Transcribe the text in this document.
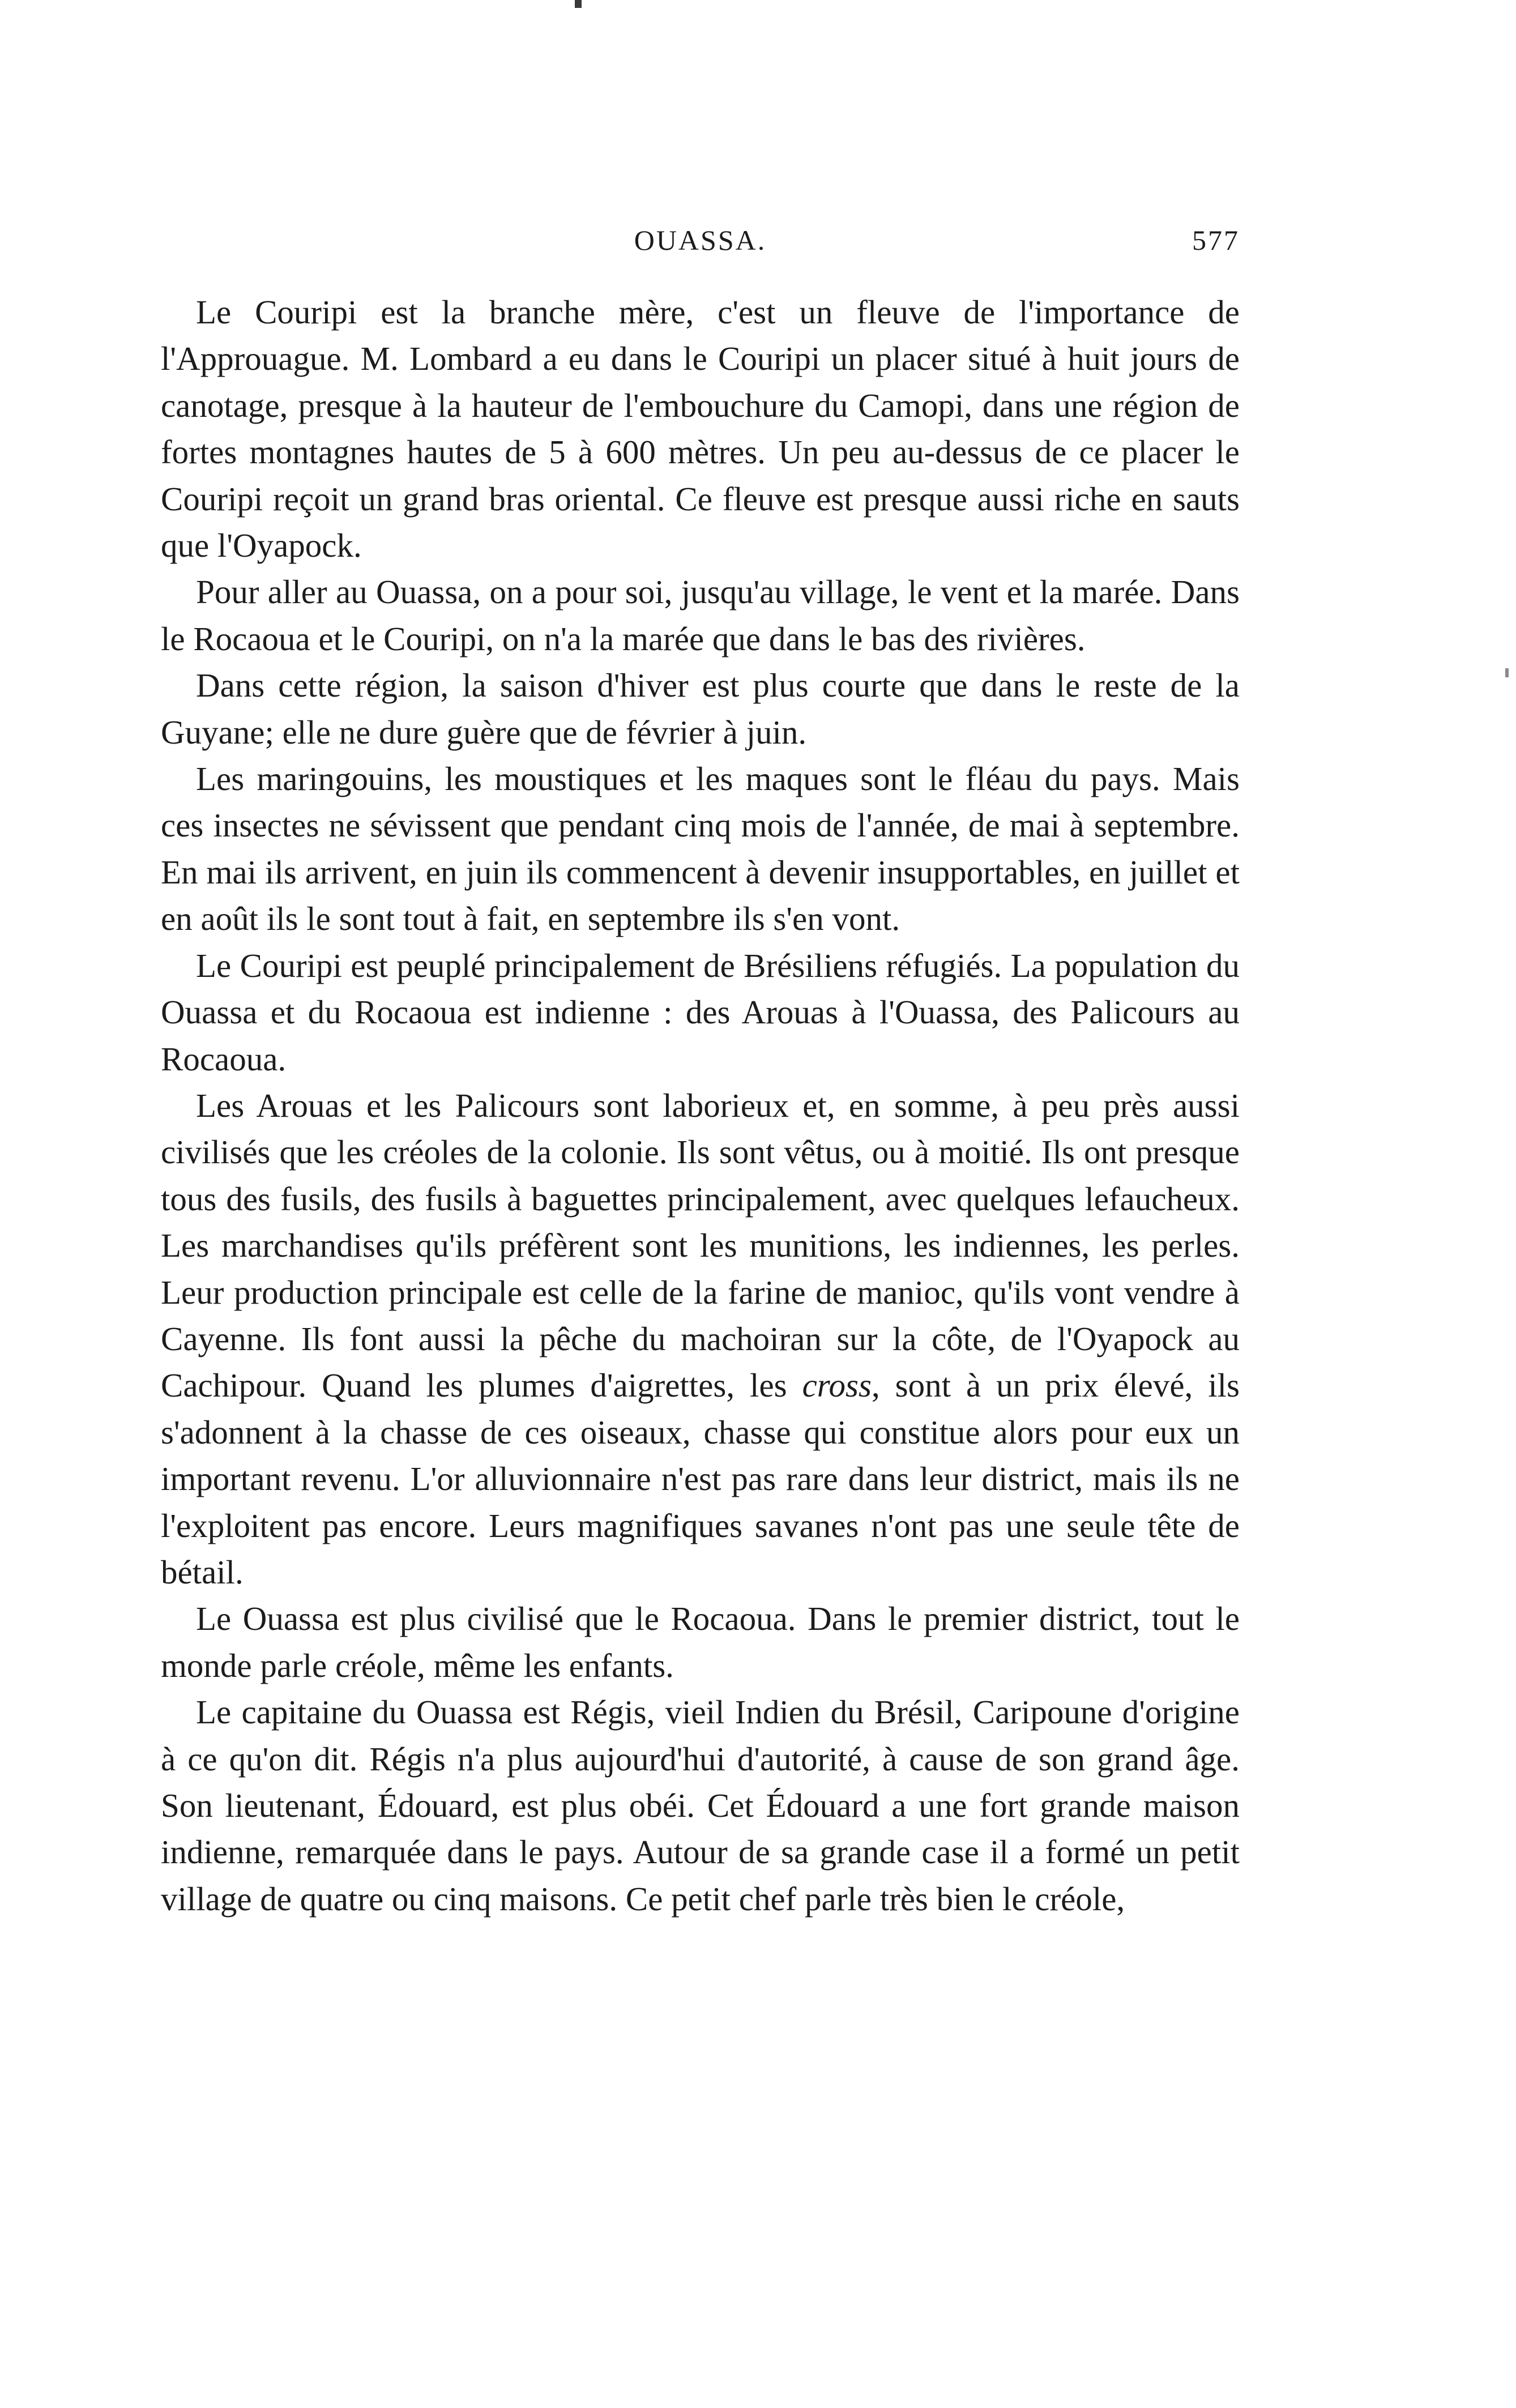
OUASSA.	577

Le Couripi est la branche mère, c'est un fleuve de l'importance de l'Approuague. M. Lombard a eu dans le Couripi un placer situé à huit jours de canotage, presque à la hauteur de l'embouchure du Camopi, dans une région de fortes montagnes hautes de 5 à 600 mètres. Un peu au-dessus de ce placer le Couripi reçoit un grand bras oriental. Ce fleuve est presque aussi riche en sauts que l'Oyapock.

Pour aller au Ouassa, on a pour soi, jusqu'au village, le vent et la marée. Dans le Rocaoua et le Couripi, on n'a la marée que dans le bas des rivières.

Dans cette région, la saison d'hiver est plus courte que dans le reste de la Guyane; elle ne dure guère que de février à juin.

Les maringouins, les moustiques et les maques sont le fléau du pays. Mais ces insectes ne sévissent que pendant cinq mois de l'année, de mai à septembre. En mai ils arrivent, en juin ils commencent à devenir insupportables, en juillet et en août ils le sont tout à fait, en septembre ils s'en vont.

Le Couripi est peuplé principalement de Brésiliens réfugiés. La population du Ouassa et du Rocaoua est indienne : des Arouas à l'Ouassa, des Palicours au Rocaoua.

Les Arouas et les Palicours sont laborieux et, en somme, à peu près aussi civilisés que les créoles de la colonie. Ils sont vêtus, ou à moitié. Ils ont presque tous des fusils, des fusils à baguettes principalement, avec quelques lefaucheux. Les marchandises qu'ils préfèrent sont les munitions, les indiennes, les perles. Leur production principale est celle de la farine de manioc, qu'ils vont vendre à Cayenne. Ils font aussi la pêche du machoiran sur la côte, de l'Oyapock au Cachipour. Quand les plumes d'aigrettes, les cross, sont à un prix élevé, ils s'adonnent à la chasse de ces oiseaux, chasse qui constitue alors pour eux un important revenu. L'or alluvionnaire n'est pas rare dans leur district, mais ils ne l'exploitent pas encore. Leurs magnifiques savanes n'ont pas une seule tête de bétail.

Le Ouassa est plus civilisé que le Rocaoua. Dans le premier district, tout le monde parle créole, même les enfants.

Le capitaine du Ouassa est Régis, vieil Indien du Brésil, Caripoune d'origine à ce qu'on dit. Régis n'a plus aujourd'hui d'autorité, à cause de son grand âge. Son lieutenant, Édouard, est plus obéi. Cet Édouard a une fort grande maison indienne, remarquée dans le pays. Autour de sa grande case il a formé un petit village de quatre ou cinq maisons. Ce petit chef parle très bien le créole,
